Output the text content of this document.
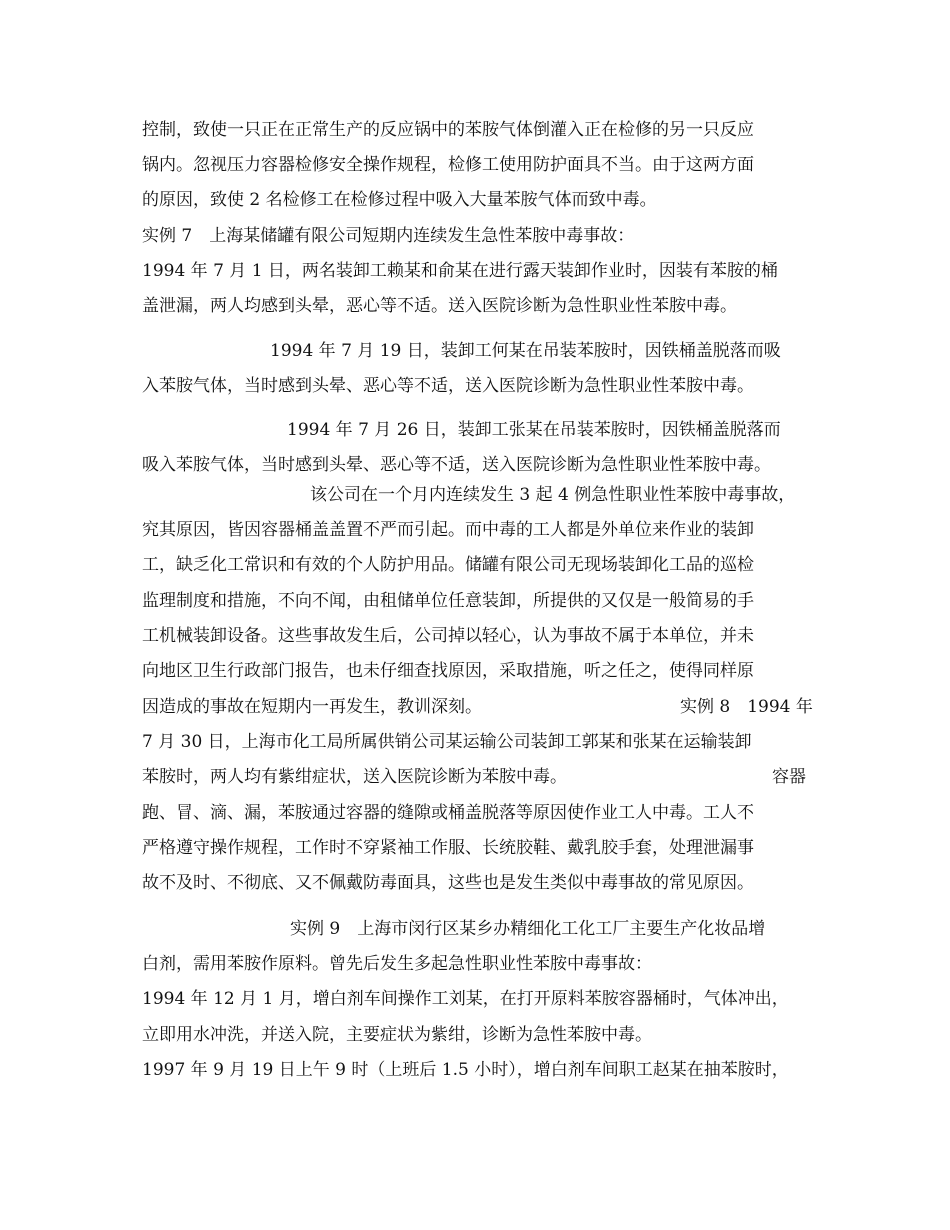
控制，致使一只正在正常生产的反应锅中的苯胺气体倒灌入正在检修的另一只反应
锅内。忽视压力容器检修安全操作规程，检修工使用防护面具不当。由于这两方面
的原因，致使 2 名检修工在检修过程中吸入大量苯胺气体而致中毒。
实例 7　上海某储罐有限公司短期内连续发生急性苯胺中毒事故：
1994 年 7 月 1 日，两名装卸工赖某和俞某在进行露天装卸作业时，因装有苯胺的桶
盖泄漏，两人均感到头晕，恶心等不适。送入医院诊断为急性职业性苯胺中毒。
1994 年 7 月 19 日，装卸工何某在吊装苯胺时，因铁桶盖脱落而吸
入苯胺气体，当时感到头晕、恶心等不适，送入医院诊断为急性职业性苯胺中毒。
1994 年 7 月 26 日，装卸工张某在吊装苯胺时，因铁桶盖脱落而
吸入苯胺气体，当时感到头晕、恶心等不适，送入医院诊断为急性职业性苯胺中毒。
该公司在一个月内连续发生 3 起 4 例急性职业性苯胺中毒事故，
究其原因，皆因容器桶盖盖置不严而引起。而中毒的工人都是外单位来作业的装卸
工，缺乏化工常识和有效的个人防护用品。储罐有限公司无现场装卸化工品的巡检
监理制度和措施，不向不闻，由租储单位任意装卸，所提供的又仅是一般简易的手
工机械装卸设备。这些事故发生后，公司掉以轻心，认为事故不属于本单位，并未
向地区卫生行政部门报告，也未仔细查找原因，采取措施，听之任之，使得同样原
因造成的事故在短期内一再发生，教训深刻。	实例 8　1994 年
7 月 30 日，上海市化工局所属供销公司某运输公司装卸工郭某和张某在运输装卸
苯胺时，两人均有紫绀症状，送入医院诊断为苯胺中毒。	容器
跑、冒、滴、漏，苯胺通过容器的缝隙或桶盖脱落等原因使作业工人中毒。工人不
严格遵守操作规程，工作时不穿紧袖工作服、长统胶鞋、戴乳胶手套，处理泄漏事
故不及时、不彻底、又不佩戴防毒面具，这些也是发生类似中毒事故的常见原因。
实例 9　上海市闵行区某乡办精细化工化工厂主要生产化妆品增
白剂，需用苯胺作原料。曾先后发生多起急性职业性苯胺中毒事故：
1994 年 12 月 1 月，增白剂车间操作工刘某，在打开原料苯胺容器桶时，气体冲出，
立即用水冲洗，并送入院，主要症状为紫绀，诊断为急性苯胺中毒。
1997 年 9 月 19 日上午 9 时（上班后 1.5 小时），增白剂车间职工赵某在抽苯胺时，
